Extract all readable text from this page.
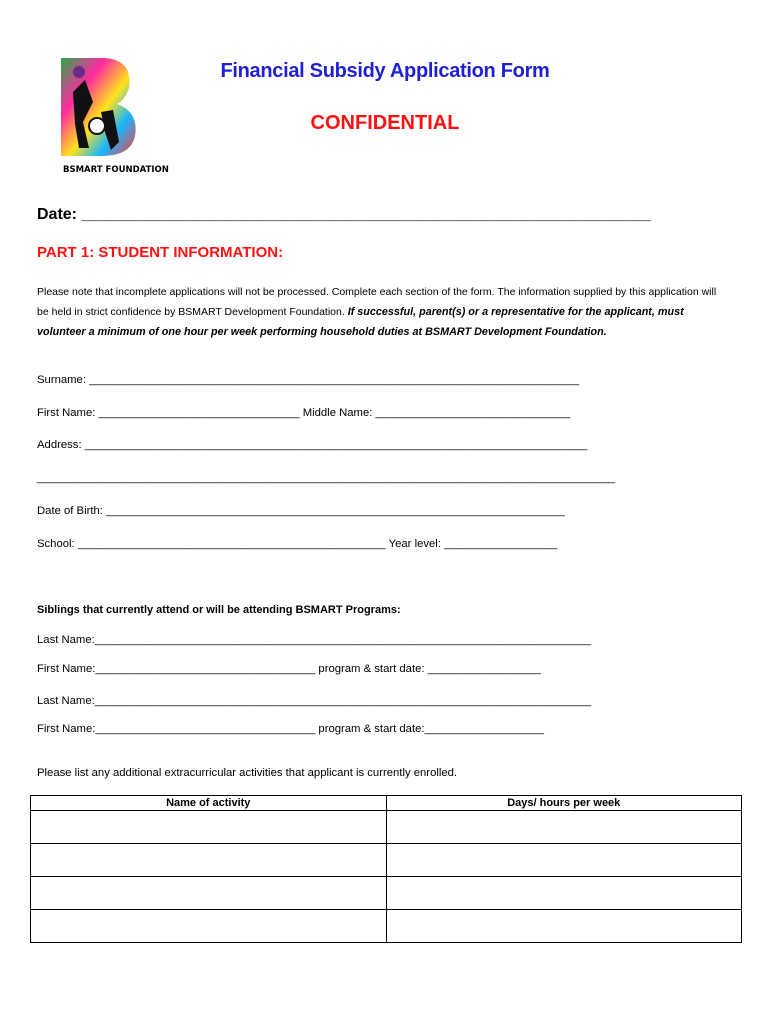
BSMART FOUNDATION
Financial Subsidy Application Form
CONFIDENTIAL
Date: ________________________________________________________________
PART 1: STUDENT INFORMATION:
Please note that incomplete applications will not be processed. Complete each section of the form. The information supplied by this application will be held in strict confidence by BSMART Development Foundation. If successful, parent(s) or a representative for the applicant, must volunteer a minimum of one hour per week performing household duties at BSMART Development Foundation.
Surname: ______________________________________________________________________________
First Name: ________________________________ Middle Name: _______________________________
Address: ________________________________________________________________________________
____________________________________________________________________________________________
Date of Birth: _________________________________________________________________________
School: _________________________________________________ Year level: __________________
Siblings that currently attend or will be attending BSMART Programs:
Last Name:_______________________________________________________________________________
First Name:___________________________________ program & start date: __________________
Last Name:_______________________________________________________________________________
First Name:___________________________________ program & start date:___________________
Please list any additional extracurricular activities that applicant is currently enrolled.
Name of activity	Days/ hours per week
